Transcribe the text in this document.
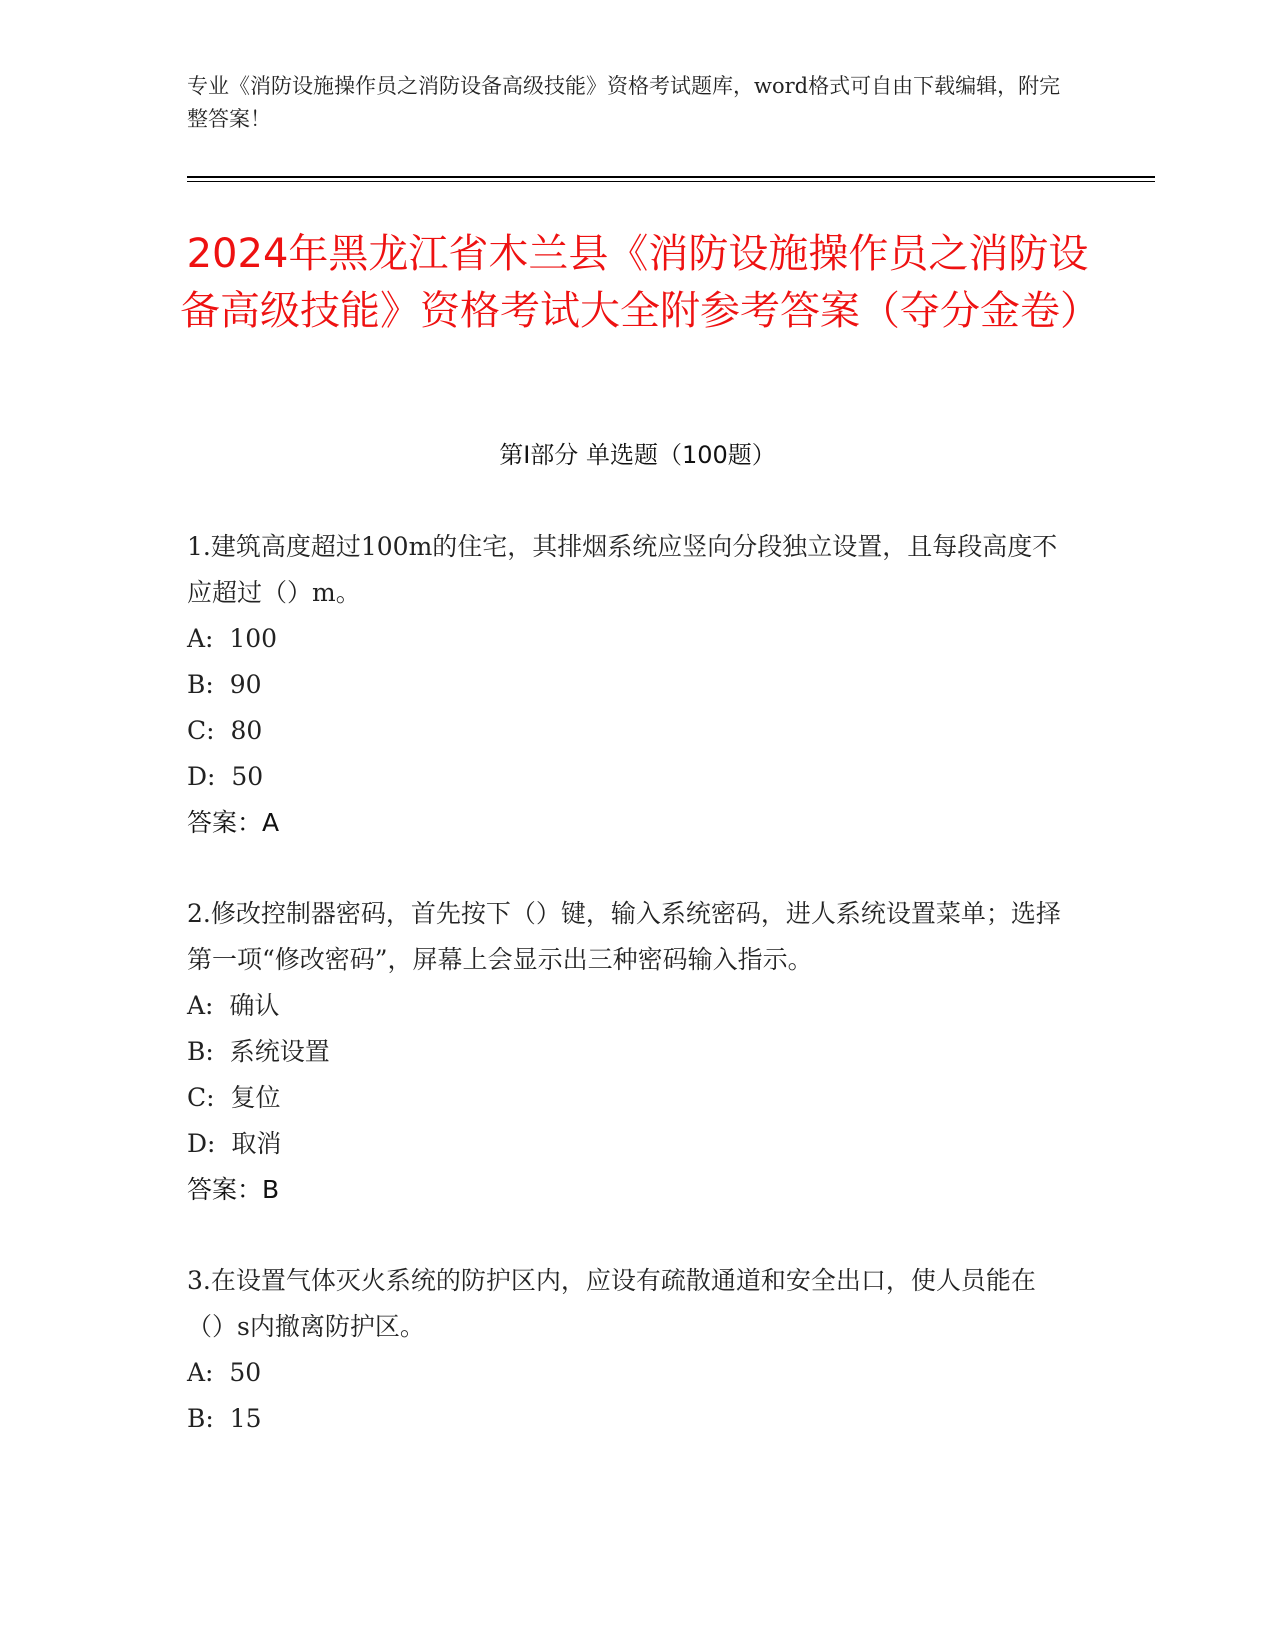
专业《消防设施操作员之消防设备高级技能》资格考试题库，word格式可自由下载编辑，附完整答案！
2024年黑龙江省木兰县《消防设施操作员之消防设备高级技能》资格考试大全附参考答案（夺分金卷）
第I部分 单选题（100题）

1.建筑高度超过100m的住宅，其排烟系统应竖向分段独立设置，且每段高度不应超过（）m。

A:  100

B:  90

C:  80

D:  50

答案：A

2.修改控制器密码，首先按下（）键，输入系统密码，进人系统设置菜单；选择第一项“修改密码”，屏幕上会显示出三种密码输入指示。

A:  确认

B:  系统设置

C:  复位

D:  取消

答案：B

3.在设置气体灭火系统的防护区内，应设有疏散通道和安全出口，使人员能在（）s内撤离防护区。

A:  50

B:  15
